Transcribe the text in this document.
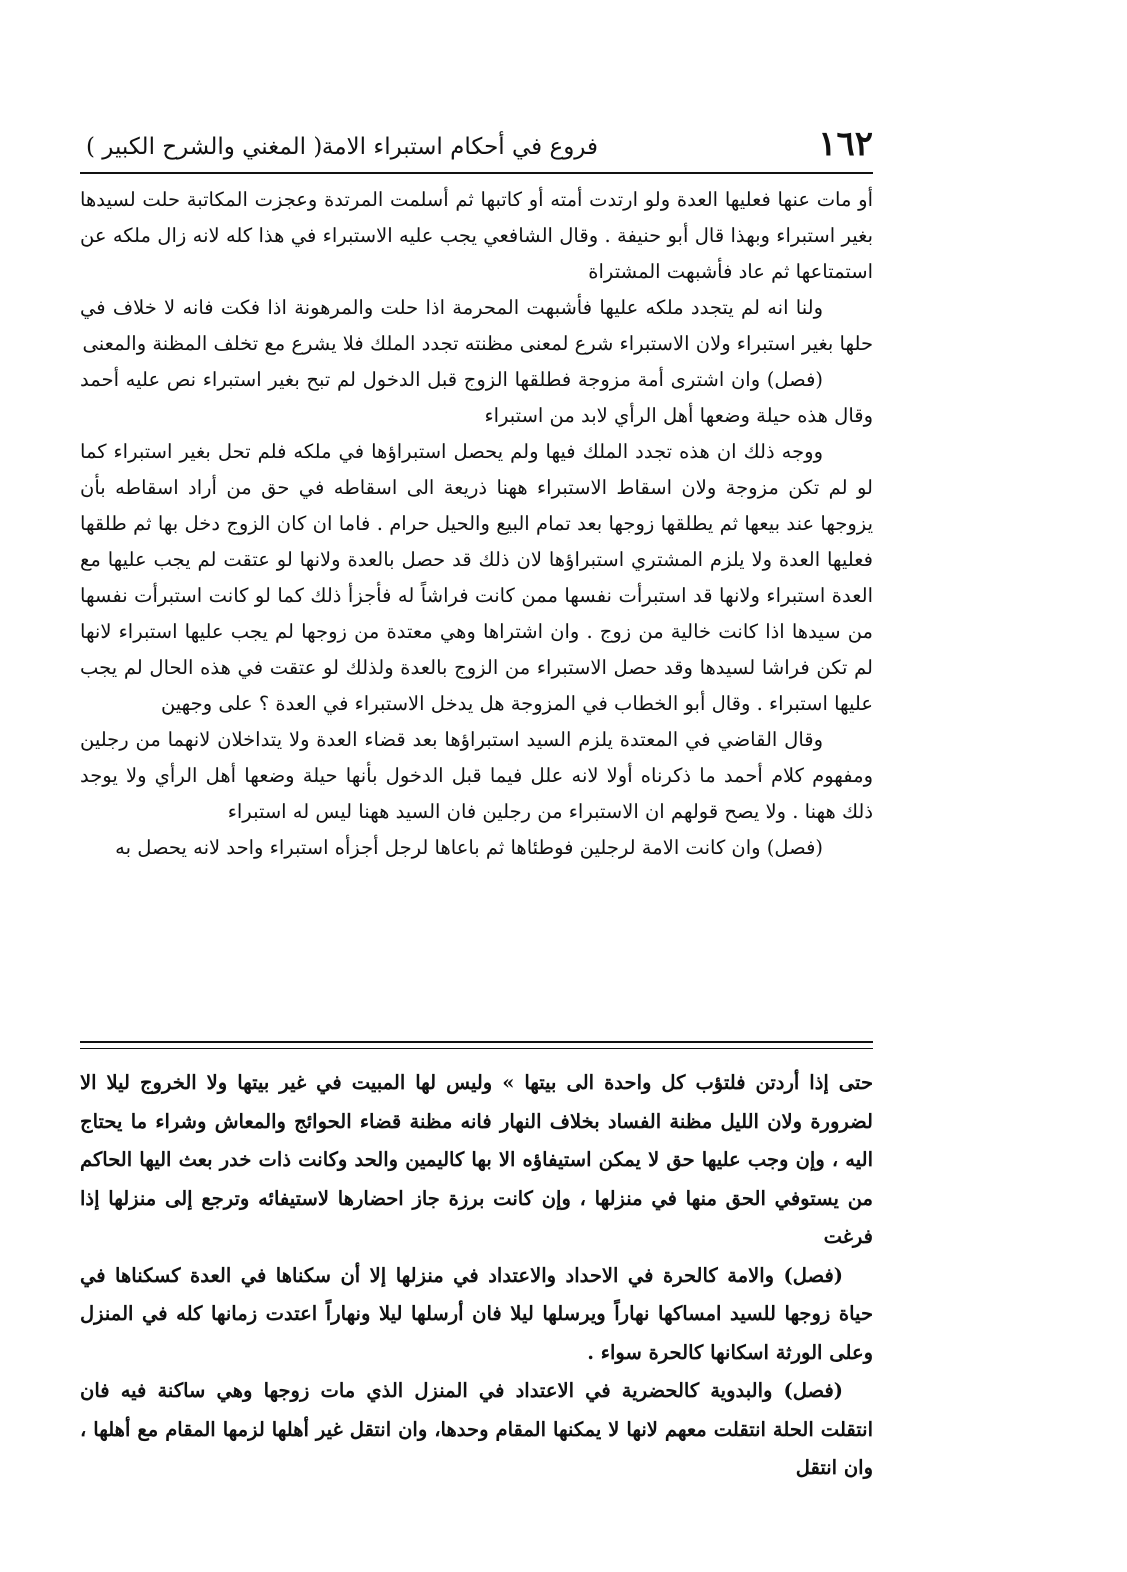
١٦٢
فروع في أحكام استبراء الامة
( المغني والشرح الكبير )

أو مات عنها فعليها العدة ولو ارتدت أمته أو كاتبها ثم أسلمت المرتدة وعجزت المكاتبة حلت لسيدها بغير استبراء وبهذا قال أبو حنيفة . وقال الشافعي يجب عليه الاستبراء في هذا كله لانه زال ملكه عن استمتاعها ثم عاد فأشبهت المشتراة

ولنا انه لم يتجدد ملكه عليها فأشبهت المحرمة اذا حلت والمرهونة اذا فكت فانه لا خلاف في حلها بغير استبراء ولان الاستبراء شرع لمعنى مظنته تجدد الملك فلا يشرع مع تخلف المظنة والمعنى

(فصل) وان اشترى أمة مزوجة فطلقها الزوج قبل الدخول لم تبح بغير استبراء نص عليه أحمد وقال هذه حيلة وضعها أهل الرأي لابد من استبراء

ووجه ذلك ان هذه تجدد الملك فيها ولم يحصل استبراؤها في ملكه فلم تحل بغير استبراء كما لو لم تكن مزوجة ولان اسقاط الاستبراء ههنا ذريعة الى اسقاطه في حق من أراد اسقاطه بأن يزوجها عند بيعها ثم يطلقها زوجها بعد تمام البيع والحيل حرام . فاما ان كان الزوج دخل بها ثم طلقها فعليها العدة ولا يلزم المشتري استبراؤها لان ذلك قد حصل بالعدة ولانها لو عتقت لم يجب عليها مع العدة استبراء ولانها قد استبرأت نفسها ممن كانت فراشاً له فأجزأ ذلك كما لو كانت استبرأت نفسها من سيدها اذا كانت خالية من زوج . وان اشتراها وهي معتدة من زوجها لم يجب عليها استبراء لانها لم تكن فراشا لسيدها وقد حصل الاستبراء من الزوج بالعدة ولذلك لو عتقت في هذه الحال لم يجب عليها استبراء . وقال أبو الخطاب في المزوجة هل يدخل الاستبراء في العدة ؟ على وجهين

وقال القاضي في المعتدة يلزم السيد استبراؤها بعد قضاء العدة ولا يتداخلان لانهما من رجلين ومفهوم كلام أحمد ما ذكرناه أولا لانه علل فيما قبل الدخول بأنها حيلة وضعها أهل الرأي ولا يوجد ذلك ههنا . ولا يصح قولهم ان الاستبراء من رجلين فان السيد ههنا ليس له استبراء

(فصل) وان كانت الامة لرجلين فوطئاها ثم باعاها لرجل أجزأه استبراء واحد لانه يحصل به

حتى إذا أردتن فلتؤب كل واحدة الى بيتها » وليس لها المبيت في غير بيتها ولا الخروج ليلا الا لضرورة ولان الليل مظنة الفساد بخلاف النهار فانه مظنة قضاء الحوائج والمعاش وشراء ما يحتاج اليه ، وإن وجب عليها حق لا يمكن استيفاؤه الا بها كاليمين والحد وكانت ذات خدر بعث اليها الحاكم من يستوفي الحق منها في منزلها ، وإن كانت برزة جاز احضارها لاستيفائه وترجع إلى منزلها إذا فرغت

(فصل) والامة كالحرة في الاحداد والاعتداد في منزلها إلا أن سكناها في العدة كسكناها في حياة زوجها للسيد امساكها نهاراً ويرسلها ليلا فان أرسلها ليلا ونهاراً اعتدت زمانها كله في المنزل وعلى الورثة اسكانها كالحرة سواء .

(فصل) والبدوية كالحضرية في الاعتداد في المنزل الذي مات زوجها وهي ساكنة فيه فان انتقلت الحلة انتقلت معهم لانها لا يمكنها المقام وحدها، وان انتقل غير أهلها لزمها المقام مع أهلها ، وان انتقل
